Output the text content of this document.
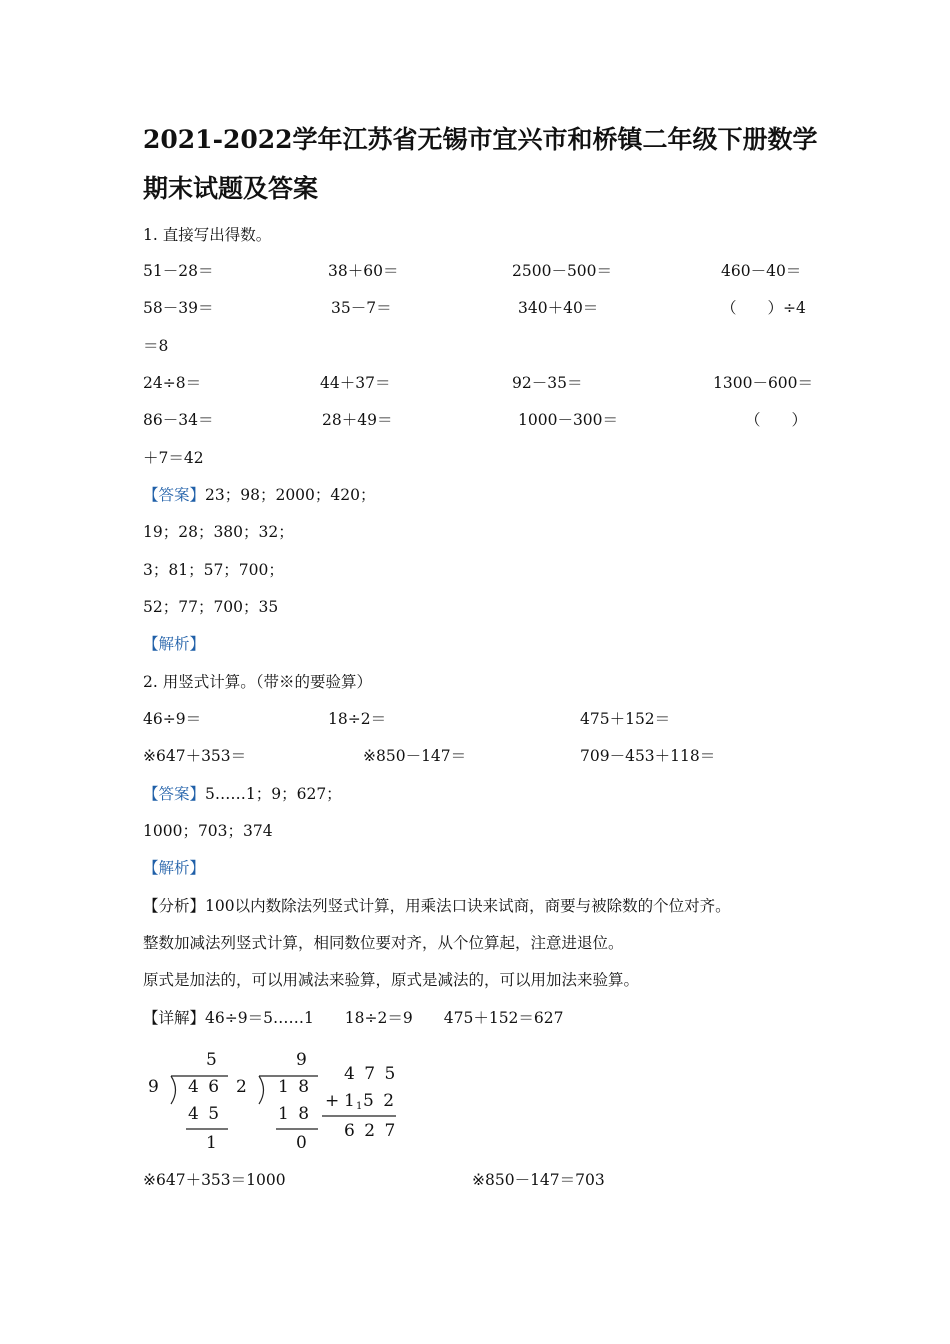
2021-2022学年江苏省无锡市宜兴市和桥镇二年级下册数学
期末试题及答案
1. 直接写出得数。
51－28＝	38＋60＝	2500－500＝	460－40＝
58－39＝	35－7＝	340＋40＝	（　　）÷4
＝8
24÷8＝	44＋37＝	92－35＝	1300－600＝
86－34＝	28＋49＝	1000－300＝	（　　）
＋7＝42
【答案】23；98；2000；420；
19；28；380；32；
3；81；57；700；
52；77；700；35
【解析】
2. 用竖式计算。（带※的要验算）
46÷9＝	18÷2＝	475＋152＝
※647＋353＝	※850－147＝	709－453＋118＝
【答案】5……1；9；627；
1000；703；374
【解析】
【分析】100以内数除法列竖式计算，用乘法口诀来试商，商要与被除数的个位对齐。
整数加减法列竖式计算，相同数位要对齐，从个位算起，注意进退位。
原式是加法的，可以用减法来验算，原式是减法的，可以用加法来验算。
【详解】46÷9＝5……1　　18÷2＝9　　475＋152＝627
5
9 4 6
4 5
1
9
2 1 8
1 8
0
4 7 5
+ 1 1 5 2
6 2 7
※647＋353＝1000	※850－147＝703
